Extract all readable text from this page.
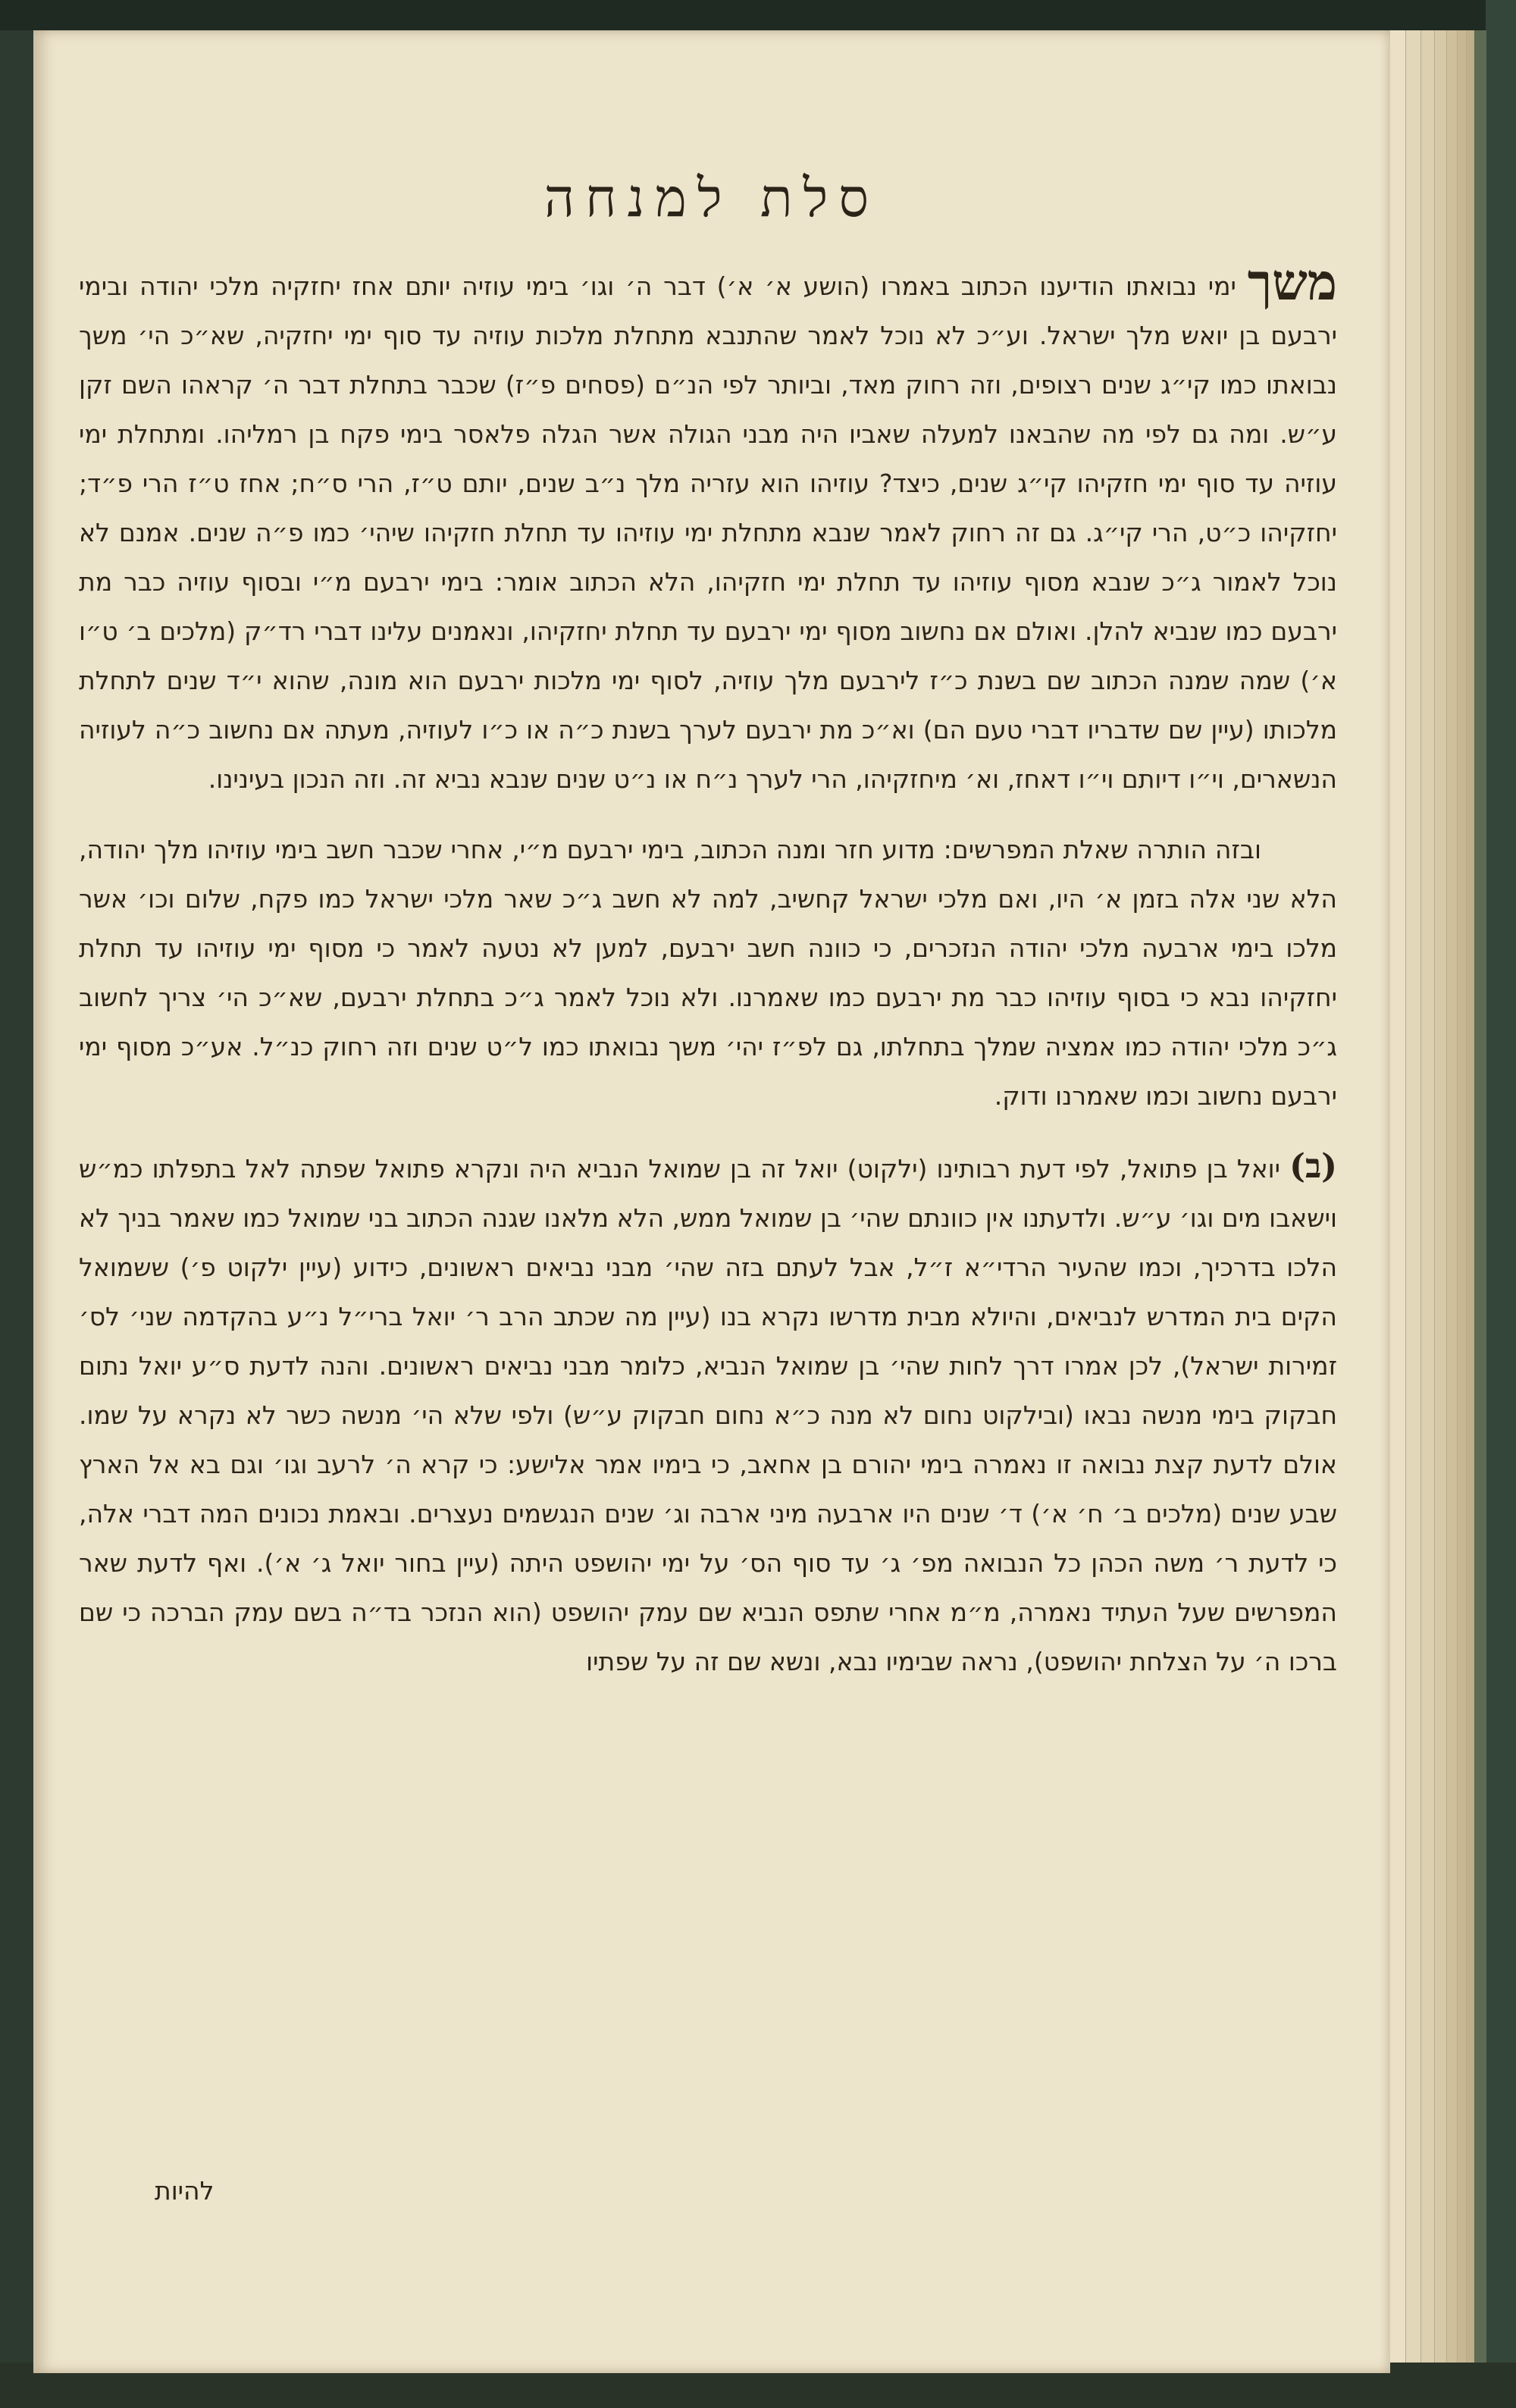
סלת למנחה

משך ימי נבואתו הודיענו הכתוב באמרו (הושע א׳ א׳) דבר ה׳ וגו׳ בימי עוזיה יותם אחז יחזקיה מלכי יהודה ובימי ירבעם בן יואש מלך ישראל. וע״כ לא נוכל לאמר שהתנבא מתחלת מלכות עוזיה עד סוף ימי יחזקיה, שא״כ הי׳ משך נבואתו כמו קי״ג שנים רצופים, וזה רחוק מאד, וביותר לפי הנ״ם (פסחים פ״ז) שכבר בתחלת דבר ה׳ קראהו השם זקן ע״ש. ומה גם לפי מה שהבאנו למעלה שאביו היה מבני הגולה אשר הגלה פלאסר בימי פקח בן רמליהו. ומתחלת ימי עוזיה עד סוף ימי חזקיהו קי״ג שנים, כיצד? עוזיהו הוא עזריה מלך נ״ב שנים, יותם ט״ז, הרי ס״ח; אחז ט״ז הרי פ״ד; יחזקיהו כ״ט, הרי קי״ג. גם זה רחוק לאמר שנבא מתחלת ימי עוזיהו עד תחלת חזקיהו שיהי׳ כמו פ״ה שנים. אמנם לא נוכל לאמור ג״כ שנבא מסוף עוזיהו עד תחלת ימי חזקיהו, הלא הכתוב אומר: בימי ירבעם מ״י ובסוף עוזיה כבר מת ירבעם כמו שנביא להלן. ואולם אם נחשוב מסוף ימי ירבעם עד תחלת יחזקיהו, ונאמנים עלינו דברי רד״ק (מלכים ב׳ ט״ו א׳) שמה שמנה הכתוב שם בשנת כ״ז לירבעם מלך עוזיה, לסוף ימי מלכות ירבעם הוא מונה, שהוא י״ד שנים לתחלת מלכותו (עיין שם שדבריו דברי טעם הם) וא״כ מת ירבעם לערך בשנת כ״ה או כ״ו לעוזיה, מעתה אם נחשוב כ״ה לעוזיה הנשארים, וי״ו דיותם וי״ו דאחז, וא׳ מיחזקיהו, הרי לערך נ״ח או נ״ט שנים שנבא נביא זה. וזה הנכון בעינינו.

ובזה הותרה שאלת המפרשים: מדוע חזר ומנה הכתוב, בימי ירבעם מ״י, אחרי שכבר חשב בימי עוזיהו מלך יהודה, הלא שני אלה בזמן א׳ היו, ואם מלכי ישראל קחשיב, למה לא חשב ג״כ שאר מלכי ישראל כמו פקח, שלום וכו׳ אשר מלכו בימי ארבעה מלכי יהודה הנזכרים, כי כוונה חשב ירבעם, למען לא נטעה לאמר כי מסוף ימי עוזיהו עד תחלת יחזקיהו נבא כי בסוף עוזיהו כבר מת ירבעם כמו שאמרנו. ולא נוכל לאמר ג״כ בתחלת ירבעם, שא״כ הי׳ צריך לחשוב ג״כ מלכי יהודה כמו אמציה שמלך בתחלתו, גם לפ״ז יהי׳ משך נבואתו כמו ל״ט שנים וזה רחוק כנ״ל. אע״כ מסוף ימי ירבעם נחשוב וכמו שאמרנו ודוק.

(ב) יואל בן פתואל, לפי דעת רבותינו (ילקוט) יואל זה בן שמואל הנביא היה ונקרא פתואל שפתה לאל בתפלתו כמ״ש וישאבו מים וגו׳ ע״ש. ולדעתנו אין כוונתם שהי׳ בן שמואל ממש, הלא מלאנו שגנה הכתוב בני שמואל כמו שאמר בניך לא הלכו בדרכיך, וכמו שהעיר הרדי״א ז״ל, אבל לעתם בזה שהי׳ מבני נביאים ראשונים, כידוע (עיין ילקוט פ׳) ששמואל הקים בית המדרש לנביאים, והיולא מבית מדרשו נקרא בנו (עיין מה שכתב הרב ר׳ יואל ברי״ל נ״ע בהקדמה שני׳ לס׳ זמירות ישראל), לכן אמרו דרך לחות שהי׳ בן שמואל הנביא, כלומר מבני נביאים ראשונים. והנה לדעת ס״ע יואל נתום חבקוק בימי מנשה נבאו (ובילקוט נחום לא מנה כ״א נחום חבקוק ע״ש) ולפי שלא הי׳ מנשה כשר לא נקרא על שמו. אולם לדעת קצת נבואה זו נאמרה בימי יהורם בן אחאב, כי בימיו אמר אלישע: כי קרא ה׳ לרעב וגו׳ וגם בא אל הארץ שבע שנים (מלכים ב׳ ח׳ א׳) ד׳ שנים היו ארבעה מיני ארבה וג׳ שנים הנגשמים נעצרים. ובאמת נכונים המה דברי אלה, כי לדעת ר׳ משה הכהן כל הנבואה מפ׳ ג׳ עד סוף הס׳ על ימי יהושפט היתה (עיין בחור יואל ג׳ א׳). ואף לדעת שאר המפרשים שעל העתיד נאמרה, מ״מ אחרי שתפס הנביא שם עמק יהושפט (הוא הנזכר בד״ה בשם עמק הברכה כי שם ברכו ה׳ על הצלחת יהושפט), נראה שבימיו נבא, ונשא שם זה על שפתיו

להיות
